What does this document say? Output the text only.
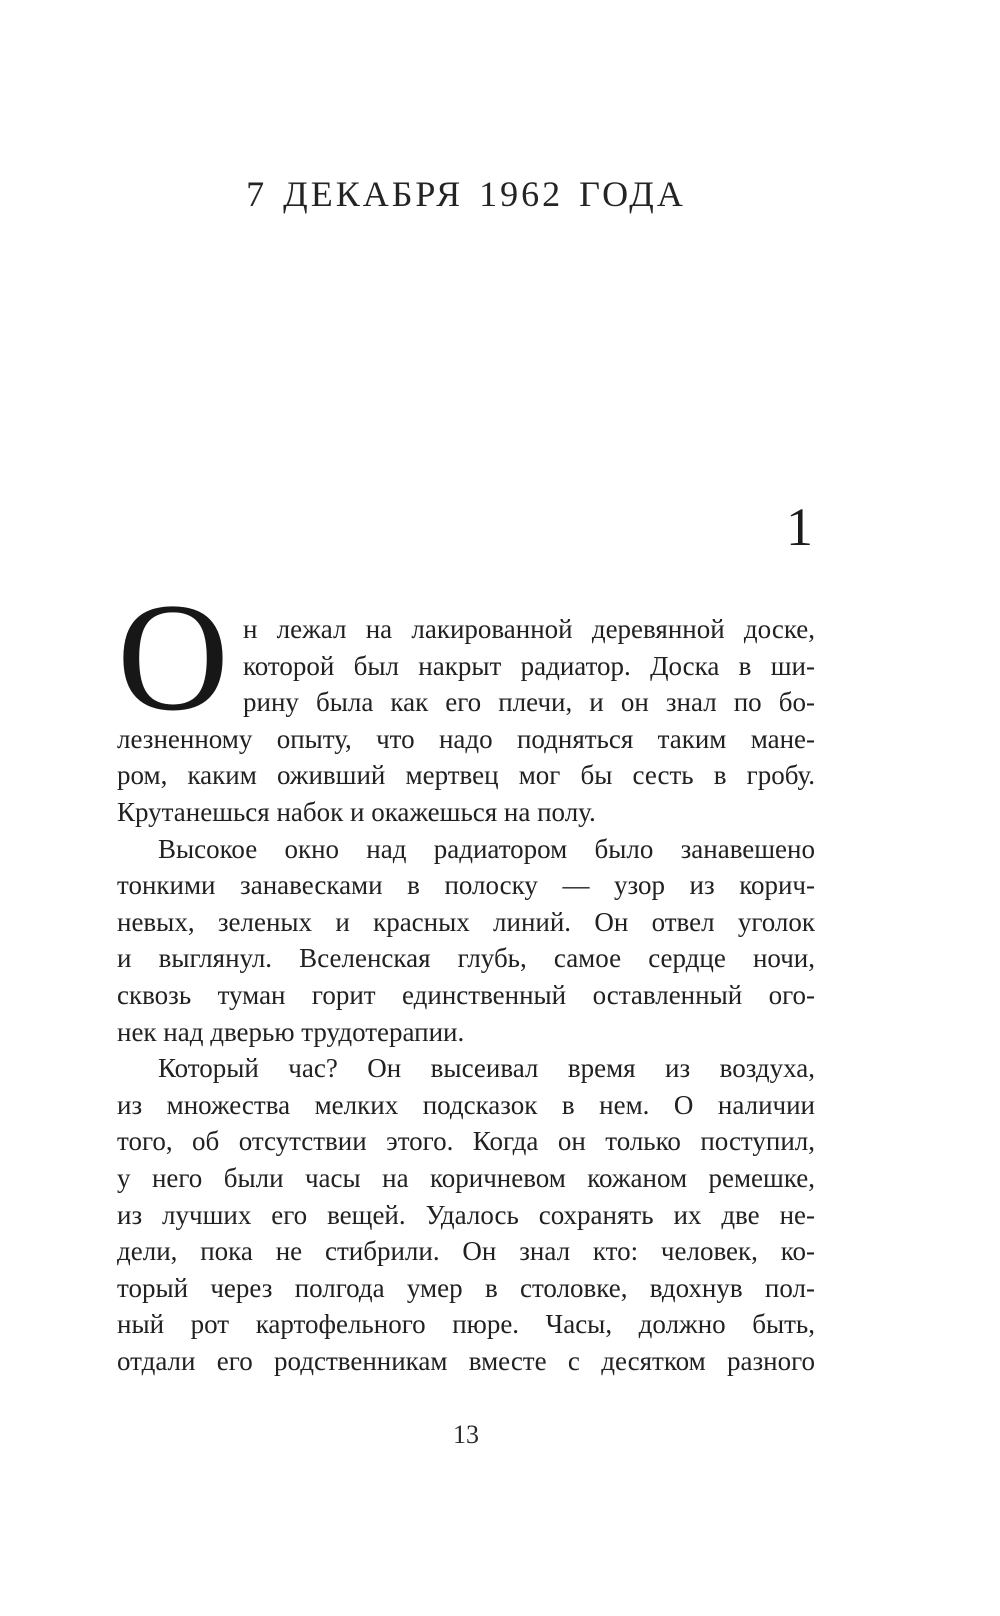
7 ДЕКАБРЯ 1962 ГОДА
1
О н лежал на лакированной деревянной доске,
которой был накрыт радиатор. Доска в ши-
рину была как его плечи, и он знал по бо-
лезненному опыту, что надо подняться таким мане-
ром, каким оживший мертвец мог бы сесть в гробу.
Крутанешься набок и окажешься на полу.
Высокое окно над радиатором было занавешено
тонкими занавесками в полоску — узор из корич-
невых, зеленых и красных линий. Он отвел уголок
и выглянул. Вселенская глубь, самое сердце ночи,
сквозь туман горит единственный оставленный ого-
нек над дверью трудотерапии.
Который час? Он высеивал время из воздуха,
из множества мелких подсказок в нем. О наличии
того, об отсутствии этого. Когда он только поступил,
у него были часы на коричневом кожаном ремешке,
из лучших его вещей. Удалось сохранять их две не-
дели, пока не стибрили. Он знал кто: человек, ко-
торый через полгода умер в столовке, вдохнув пол-
ный рот картофельного пюре. Часы, должно быть,
отдали его родственникам вместе с десятком разного
13
